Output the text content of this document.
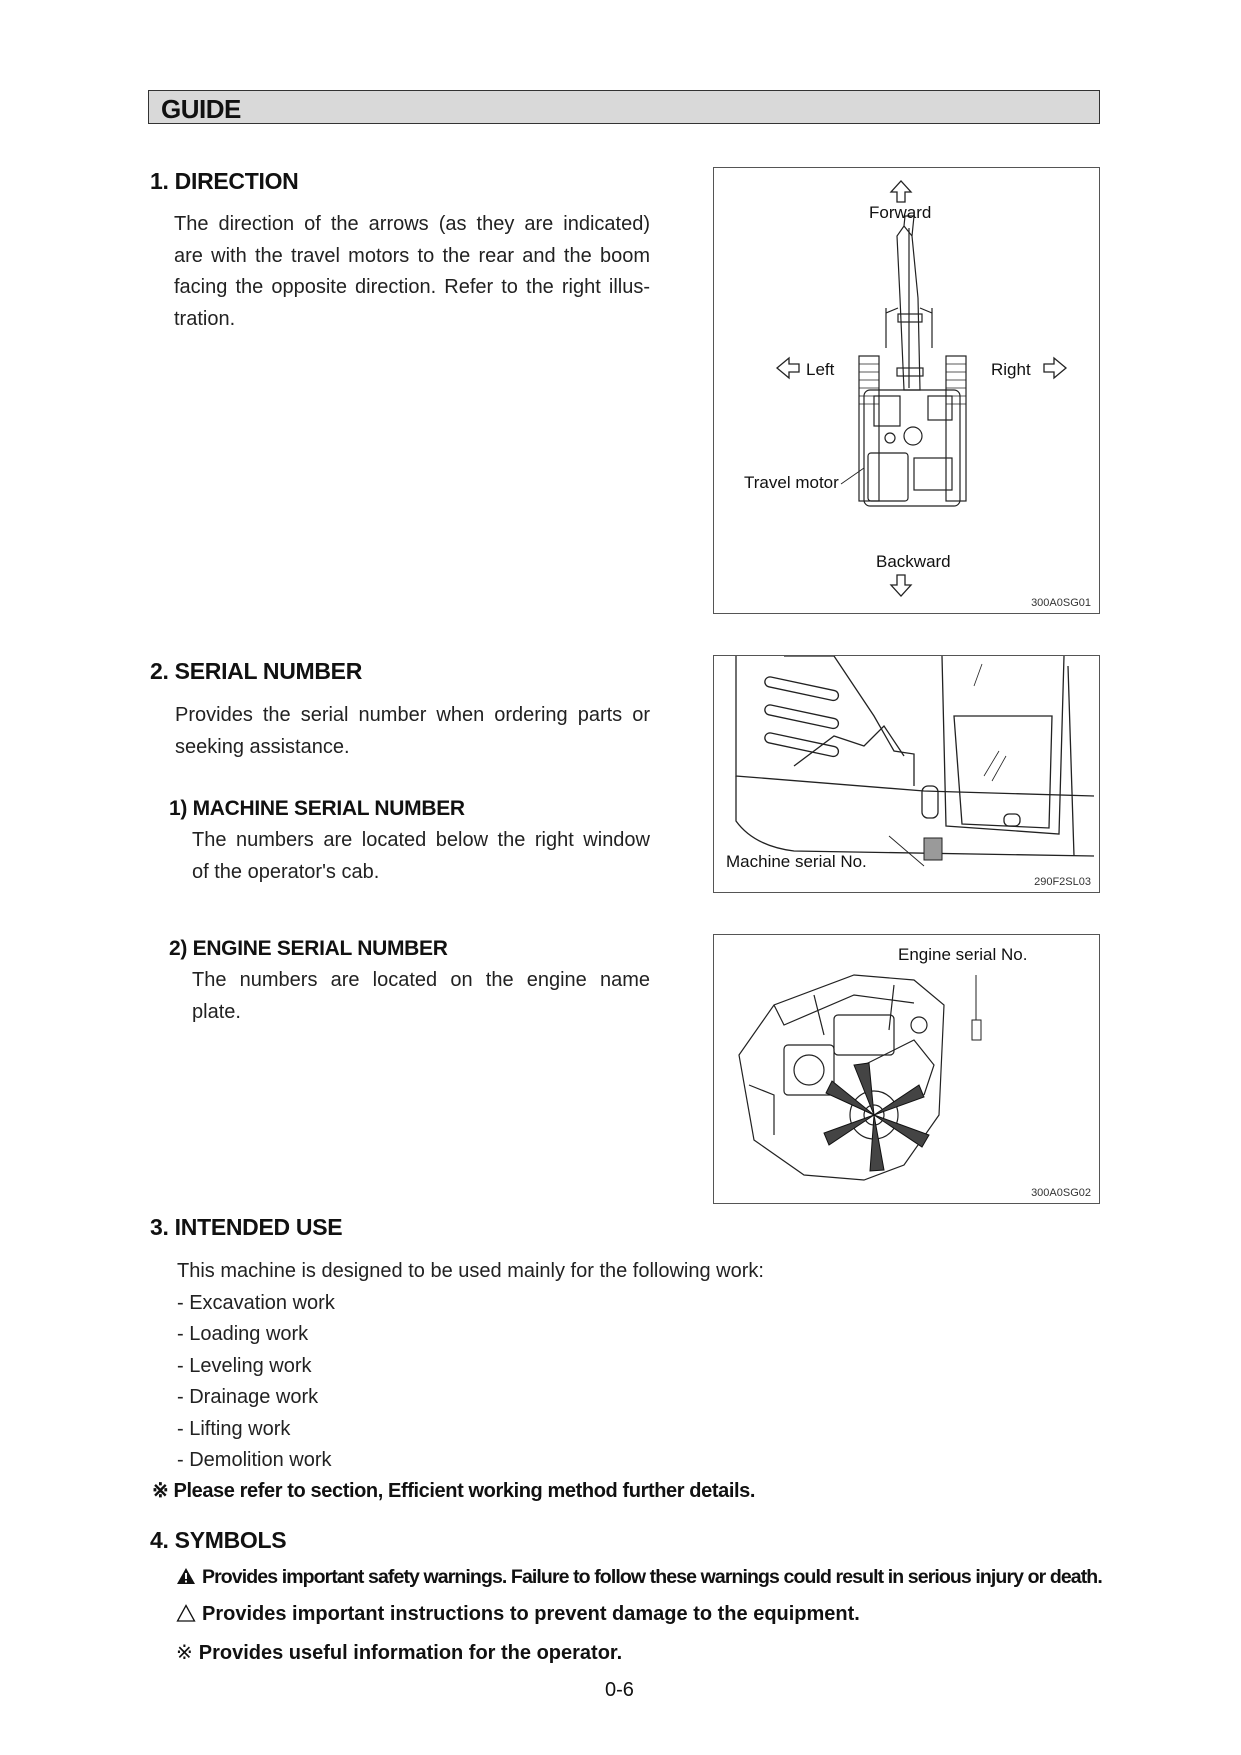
GUIDE
1. DIRECTION
The direction of the arrows (as they are indicated)
are with the travel motors to the rear and the boom
facing the opposite direction. Refer to the right illus-
tration.
Forward
Left	Right
Travel motor
Backward
300A0SG01
2. SERIAL NUMBER
Provides the serial number when ordering parts or
seeking assistance.
1) MACHINE SERIAL NUMBER
The numbers are located below the right window
of the operator's cab.	Machine serial No.
290F2SL03
2) ENGINE SERIAL NUMBER
The numbers are located on the engine name
plate.
Engine serial No.
300A0SG02
3. INTENDED USE
This machine is designed to be used mainly for the following work:
- Excavation work
- Loading work
- Leveling work
- Drainage work
- Lifting work
- Demolition work
※ Please refer to section, Efficient working method further details.
4. SYMBOLS
Provides important safety warnings. Failure to follow these warnings could result in serious injury or death.
Provides important instructions to prevent damage to the equipment.
※ Provides useful information for the operator.
0-6
